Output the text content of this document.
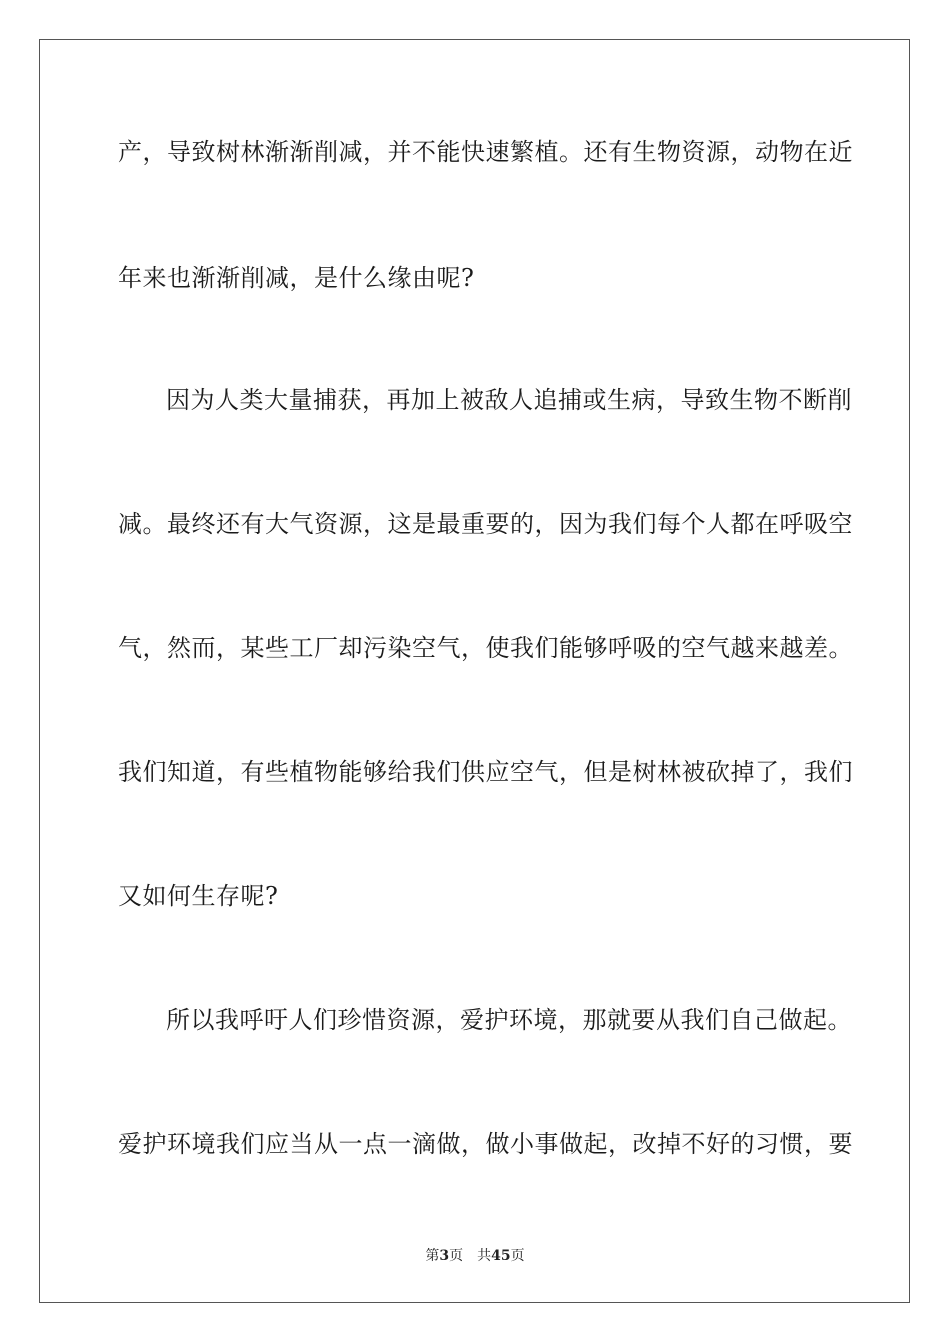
产，导致树林渐渐削减，并不能快速繁植。还有生物资源，动物在近
年来也渐渐削减，是什么缘由呢?
因为人类大量捕获，再加上被敌人追捕或生病，导致生物不断削
减。最终还有大气资源，这是最重要的，因为我们每个人都在呼吸空
气，然而，某些工厂却污染空气，使我们能够呼吸的空气越来越差。
我们知道，有些植物能够给我们供应空气，但是树林被砍掉了，我们
又如何生存呢?
所以我呼吁人们珍惜资源，爱护环境，那就要从我们自己做起。
爱护环境我们应当从一点一滴做，做小事做起，改掉不好的习惯，要
第3页 共45页
